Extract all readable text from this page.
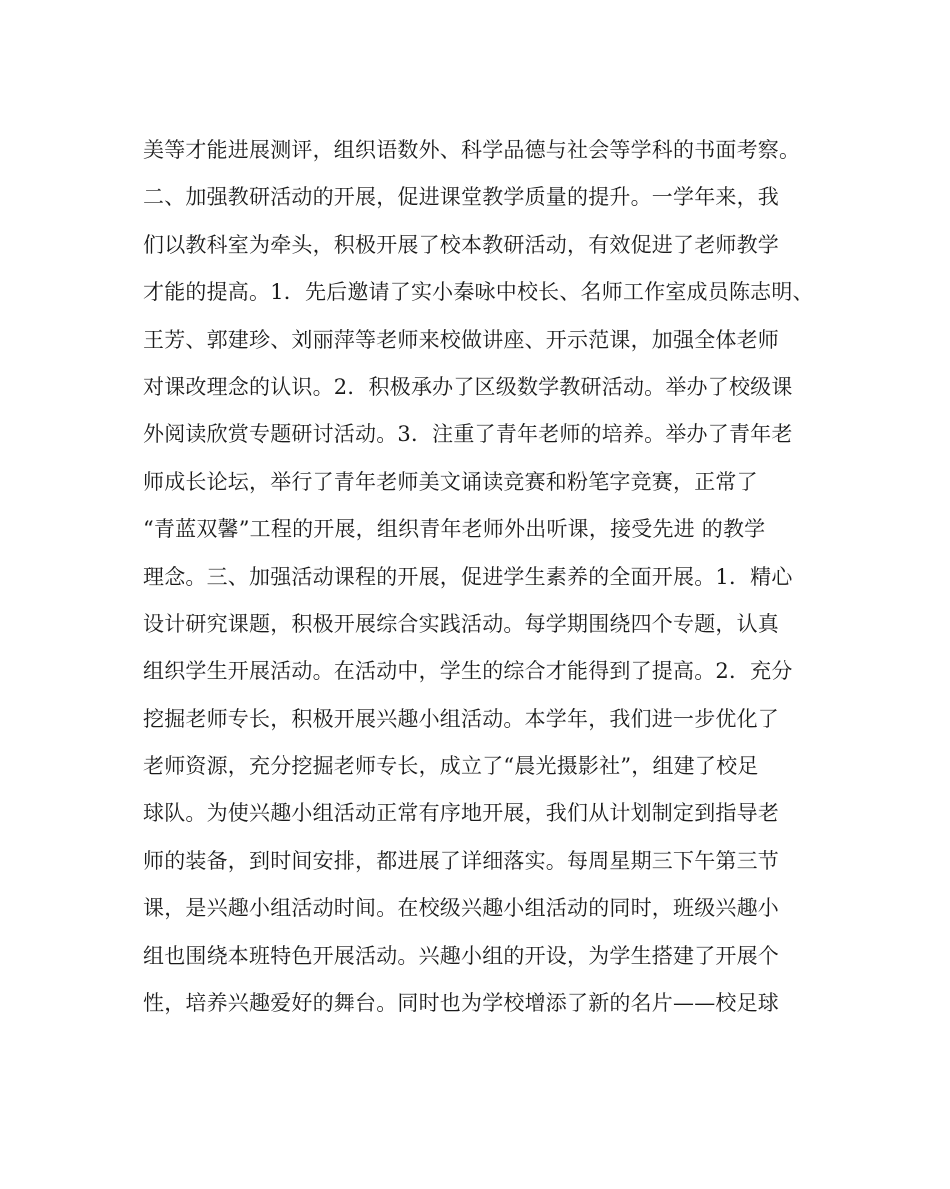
美等才能进展测评，组织语数外、科学品德与社会等学科的书面考察。
二、加强教研活动的开展，促进课堂教学质量的提升。一学年来，我
们以教科室为牵头，积极开展了校本教研活动，有效促进了老师教学
才能的提高。1．先后邀请了实小秦咏中校长、名师工作室成员陈志明、
王芳、郭建珍、刘丽萍等老师来校做讲座、开示范课，加强全体老师
对课改理念的认识。2．积极承办了区级数学教研活动。举办了校级课
外阅读欣赏专题研讨活动。3．注重了青年老师的培养。举办了青年老
师成长论坛，举行了青年老师美文诵读竞赛和粉笔字竞赛，正常了
“青蓝双馨”工程的开展，组织青年老师外出听课，接受先进 的教学
理念。三、加强活动课程的开展，促进学生素养的全面开展。1．精心
设计研究课题，积极开展综合实践活动。每学期围绕四个专题，认真
组织学生开展活动。在活动中，学生的综合才能得到了提高。2．充分
挖掘老师专长，积极开展兴趣小组活动。本学年，我们进一步优化了
老师资源，充分挖掘老师专长，成立了“晨光摄影社”，组建了校足
球队。为使兴趣小组活动正常有序地开展，我们从计划制定到指导老
师的装备，到时间安排，都进展了详细落实。每周星期三下午第三节
课，是兴趣小组活动时间。在校级兴趣小组活动的同时，班级兴趣小
组也围绕本班特色开展活动。兴趣小组的开设，为学生搭建了开展个
性，培养兴趣爱好的舞台。同时也为学校增添了新的名片——校足球
